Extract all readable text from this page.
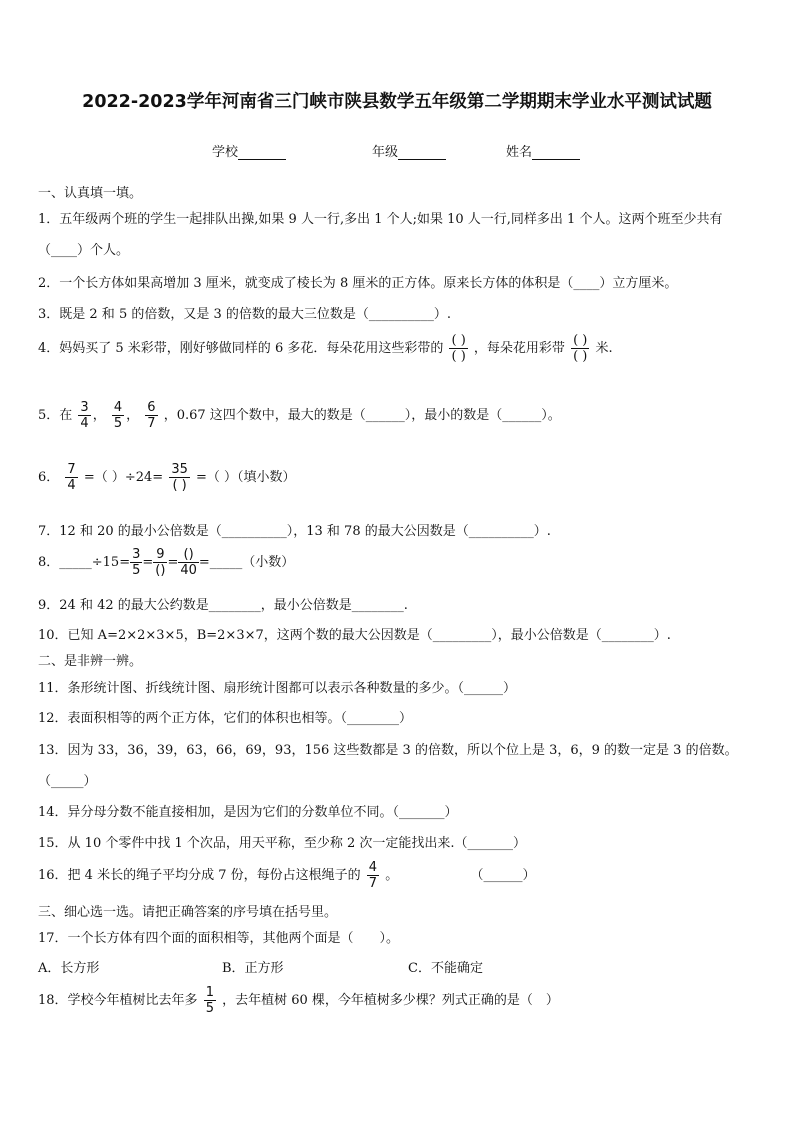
2022-2023学年河南省三门峡市陕县数学五年级第二学期期末学业水平测试试题
学校	年级	姓名
一、认真填一填。
1．五年级两个班的学生一起排队出操,如果 9 人一行,多出 1 个人;如果 10 人一行,同样多出 1 个人。这两个班至少共有
（____）个人。
2．一个长方体如果高增加 3 厘米，就变成了棱长为 8 厘米的正方体。原来长方体的体积是（____）立方厘米。
3．既是 2 和 5 的倍数，又是 3 的倍数的最大三位数是（__________）.
4．妈妈买了 5 米彩带，刚好够做同样的 6 多花．每朵花用这些彩带的 $\frac{( )}{( )}$ ，每朵花用彩带 $\frac{( )}{( )}$ 米.
5．在 $\frac{3}{4}$ ， $\frac{4}{5}$ ， $\frac{6}{7}$ ，0.67 这四个数中，最大的数是（______），最小的数是（______）。
6． $\frac{7}{4}$ =（ ）$\div 24= \frac{35}{( )}$ =（ ）（填小数）
7．12 和 20 的最小公倍数是（__________），13 和 78 的最大公因数是（__________）.
8．_____÷15= $\frac{3}{5} = \frac{9}{()} = \frac{()}{40}$ =_____（小数）
9．24 和 42 的最大公约数是________，最小公倍数是________.
10．已知 A=2×2×3×5，B=2×3×7，这两个数的最大公因数是（_________），最小公倍数是（________）.
二、是非辨一辨。
11．条形统计图、折线统计图、扇形统计图都可以表示各种数量的多少。（______）
12．表面积相等的两个正方体，它们的体积也相等。（________）
13．因为 33，36，39，63，66，69，93，156 这些数都是 3 的倍数，所以个位上是 3，6，9 的数一定是 3 的倍数。
（_____）
14．异分母分数不能直接相加，是因为它们的分数单位不同。（_______）
15．从 10 个零件中找 1 个次品，用天平称，至少称 2 次一定能找出来.（_______）
16．把 4 米长的绳子平均分成 7 份，每份占这根绳子的 $\frac{4}{7}$ 。	（______）
三、细心选一选。请把正确答案的序号填在括号里。
17．一个长方体有四个面的面积相等，其他两个面是（　　）。
A．长方形	B．正方形	C．不能确定
18．学校今年植树比去年多 $\frac{1}{5}$ ，去年植树 60 棵，今年植树多少棵？列式正确的是（　）
